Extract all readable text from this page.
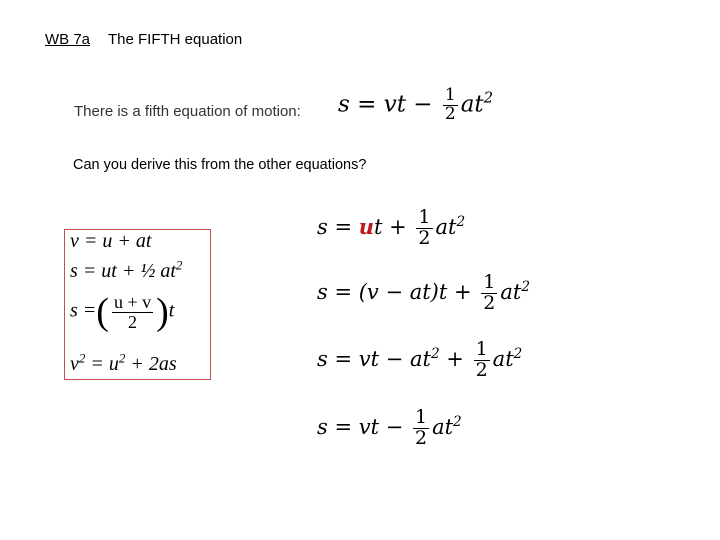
WB 7a The FIFTH equation
There is a fifth equation of motion: s = vt − $\frac{1}{2} at^2$
Can you derive this from the other equations?
v = u + at
s = ut + ½ $at^2$
s =( $\frac{u + v}{2} )t$
$v^2 = u^2 + 2as$
s = ut + $\frac{1}{2} at^2$
$s = (v - at)t + \frac{1}{2} at^2$
s = vt − $at^2 + \frac{1}{2} at^2$
s = vt − $\frac{1}{2} at^2$
